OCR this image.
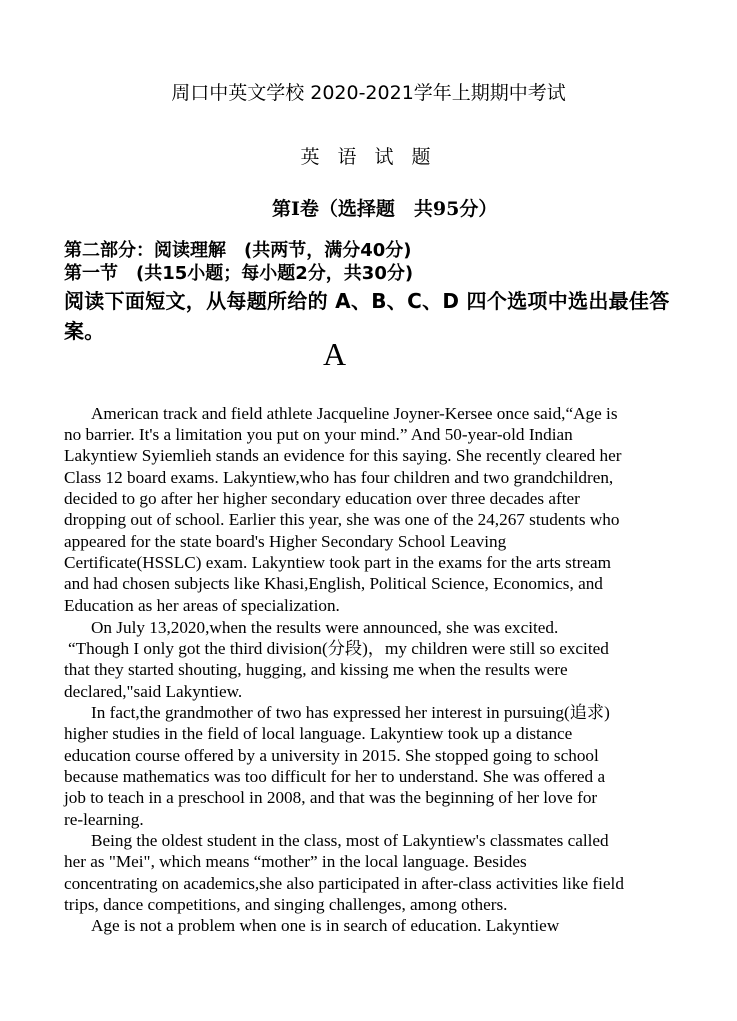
周口中英文学校 2020-2021学年上期期中考试
英 语 试 题
第Ⅰ卷（选择题　共95分）
第二部分：阅读理解　(共两节，满分40分)
第一节　(共15小题；每小题2分，共30分)
阅读下面短文，从每题所给的 A、B、C、D 四个选项中选出最佳答案。
A
American track and field athlete Jacqueline Joyner-Kersee once said,“Age is
no barrier. It's a limitation you put on your mind.” And 50-year-old Indian
Lakyntiew Syiemlieh stands an evidence for this saying. She recently cleared her
Class 12 board exams. Lakyntiew,who has four children and two grandchildren,
decided to go after her higher secondary education over three decades after
dropping out of school. Earlier this year, she was one of the 24,267 students who
appeared for the state board's Higher Secondary School Leaving
Certificate(HSSLC) exam. Lakyntiew took part in the exams for the arts stream
and had chosen subjects like Khasi,English, Political Science, Economics, and
Education as her areas of specialization.
On July 13,2020,when the results were announced, she was excited.
“Though I only got the third division(分段)，my children were still so excited
that they started shouting, hugging, and kissing me when the results were
declared,"said Lakyntiew.
In fact,the grandmother of two has expressed her interest in pursuing(追求)
higher studies in the field of local language. Lakyntiew took up a distance
education course offered by a university in 2015. She stopped going to school
because mathematics was too difficult for her to understand. She was offered a
job to teach in a preschool in 2008, and that was the beginning of her love for
re-learning.
Being the oldest student in the class, most of Lakyntiew's classmates called
her as "Mei", which means “mother” in the local language. Besides
concentrating on academics,she also participated in after-class activities like field
trips, dance competitions, and singing challenges, among others.
Age is not a problem when one is in search of education. Lakyntiew
